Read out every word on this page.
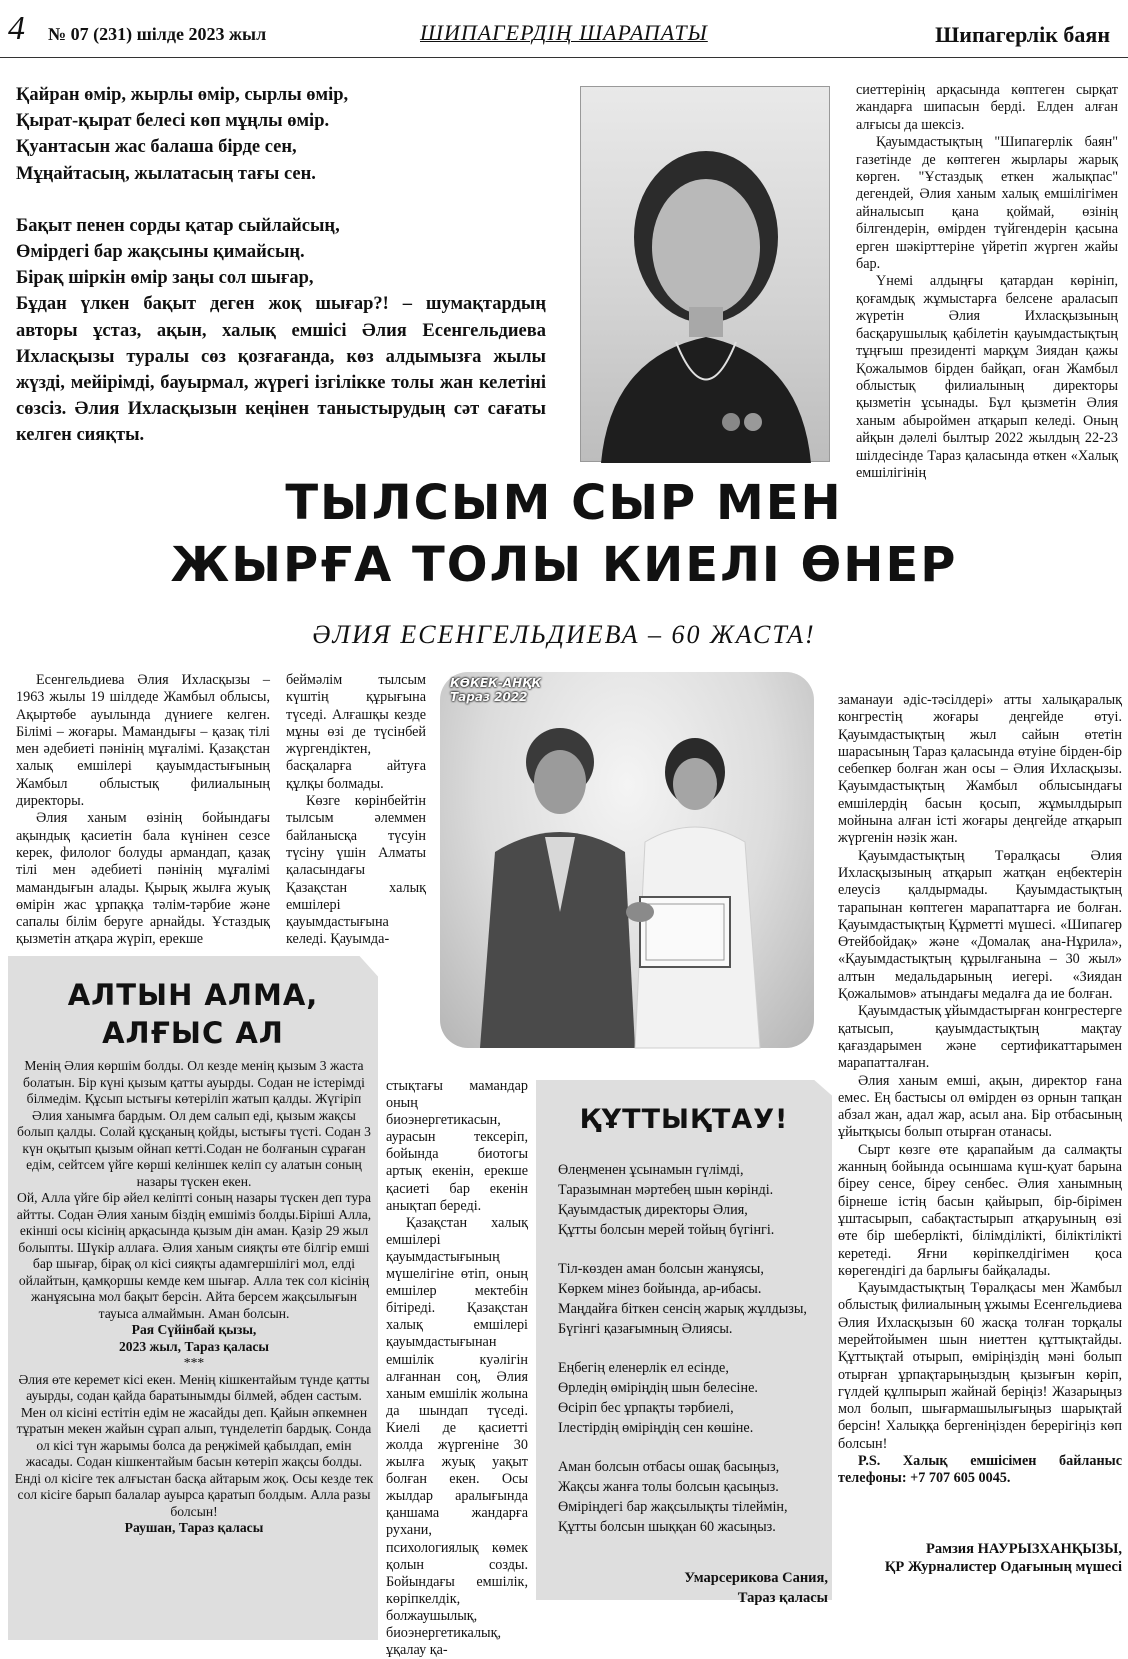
4 № 07 (231) шілде 2023 жыл	ШИПАГЕРДІҢ ШАРАПАТЫ	Шипагерлік баян
Қайран өмір, жырлы өмір, сырлы өмір,
Қырат-қырат белесі көп мұңлы өмір.
Қуантасын жас балаша бірде сен,
Мұңайтасың, жылатасың тағы сен.
Бақыт пенен сорды қатар сыйлайсың,
Өмірдегі бар жақсыны қимайсың.
Бірақ шіркін өмір заңы сол шығар,
Бұдан үлкен бақыт деген жоқ шығар?! – шумақтардың авторы ұстаз, ақын, халық емшісі Әлия Есенгельдиева Ихласқызы туралы сөз қозғағанда, көз алдымызға жылы жүзді, мейірімді, бауырмал, жүрегі ізгілікке толы жан келетіні сөзсіз. Әлия Ихласқызын кеңінен таныстырудың сәт сағаты келген сияқты.

сиеттерінің арқасында көптеген сырқат жандарға шипасын берді. Елден алған алғысы да шексіз.

Қауымдастықтың "Шипагерлік баян" газетінде де көптеген жырлары жарық көрген. "Ұстаздық еткен жалықпас" дегендей, Әлия ханым халық емшілігімен айналысып қана қоймай, өзінің білгендерін, өмірден түйгендерін қасына ерген шәкірттеріне үйретіп жүрген жайы бар.

Үнемі алдыңғы қатардан көрініп, қоғамдық жұмыстарға белсене араласып жүретін Әлия Ихласқызының басқарушылық қабілетін қауымдастықтың тұңғыш президенті марқұм Зиядан қажы Қожалымов бірден байқап, оған Жамбыл облыстық филиалының директоры қызметін ұсынады. Бұл қызметін Әлия ханым абыроймен атқарып келеді. Оның айқын дәлелі былтыр 2022 жылдың 22-23 шілдесінде Тараз қаласында өткен «Халық емшілігінің

ТЫЛСЫМ СЫР МЕН
ЖЫРҒА ТОЛЫ КИЕЛІ ӨНЕР
ӘЛИЯ ЕСЕНГЕЛЬДИЕВА – 60 ЖАСТА!

Есенгельдиева Әлия Ихласқызы – 1963 жылы 19 шілдеде Жамбыл облысы, Ақыртөбе ауылында дүниеге келген. Білімі – жоғары. Мамандығы – қазақ тілі мен әдебиеті пәнінің мұғалімі. Қазақстан халық емшілері қауымдастығының Жамбыл облыстық филиалының директоры.

Әлия ханым өзінің бойындағы ақындық қасиетін бала күнінен сезсе керек, филолог болуды армандап, қазақ тілі мен әдебиеті пәнінің мұғалімі мамандығын алады. Қырық жылға жуық өмірін жас ұрпаққа тәлім-тәрбие және сапалы білім беруге арнайды. Ұстаздық қызметін атқара жүріп, ерекше

беймәлім тылсым күштің құрығына түседі. Алғашқы кезде мұны өзі де түсінбей жүргендіктен, басқаларға айтуға құлқы болмады.

Көзге көрінбейтін тылсым әлеммен байланысқа түсуін түсіну үшін Алматы қаласындағы Қазақстан халық емшілері қауымдастығына келеді. Қауымда-

КӨКЕК-АНҚК
Тараз 2022	заманауи әдіс-тәсілдері» атты халықаралық конгрестің жоғары деңгейде өтуі. Қауымдастықтың жыл сайын өтетін шарасының Тараз қаласында өтуіне бірден-бір себепкер болған жан осы – Әлия Ихласқызы. Қауымдастықтың Жамбыл облысындағы емшілердің басын қосып, жұмылдырып мойнына алған істі жоғары деңгейде атқарып жүргенін нәзік жан.

Қауымдастықтың Төралқасы Әлия Ихласқызының атқарып жатқан еңбектерін елеусіз қалдырмады. Қауымдастықтың тарапынан көптеген марапаттарға ие болған. Қауымдастықтың Құрметті мүшесі. «Шипагер Өтейбойдақ» және «Домалақ ана-Нұрила», «Қауымдастықтың құрылғанына – 30 жыл» алтын медальдарының иегері. «Зиядан Қожалымов» атындағы медалға да ие болған.

Қауымдастық ұйымдастырған конгрестерге қатысып, қауымдастықтың мақтау қағаздарымен және сертификаттарымен марапатталған.

Әлия ханым емші, ақын, директор ғана емес. Ең бастысы ол өмірден өз орнын тапқан абзал жан, адал жар, асыл ана. Бір отбасының ұйытқысы болып отырған отанасы.

Сырт көзге өте қарапайым да салмақты жанның бойында осыншама күш-қуат барына біреу сенсе, біреу сенбес. Әлия ханымның бірнеше істің басын қайырып, бір-бірімен ұштасырып, сабақтастырып атқаруының өзі өте бір шеберлікті, білімділікті, біліктілікті керетеді. Яғни көріпкелдігімен қоса көрегендігі да барлығы байқалады.

Қауымдастықтың Төралқасы мен Жамбыл облыстық филиалының ұжымы Есенгельдиева Әлия Ихласқызын 60 жасқа толған торқалы мерейтойымен шын ниеттен құттықтайды. Құттықтай отырып, өміріңіздің мәні болып отырған ұрпақтарыңыздың қызығын көріп, гүлдей құлпырып жайнай беріңіз! Жазарыңыз мол болып, шығармашылығыңыз шарықтай берсін! Халыққа бергеніңізден берерігіңіз көп болсын!

P.S. Халық емшісімен байланыс телефоны: +7 707 605 0045.

АЛТЫН АЛМА,
АЛҒЫС АЛ
Менің Әлия көршім болды. Ол кезде менің қызым 3 жаста болатын. Бір күні қызым қатты ауырды. Содан не істерімді білмедім. Құсып ыстығы көтеріліп жатып қалды. Жүгіріп Әлия ханымға бардым. Ол дем салып еді, қызым жақсы болып қалды. Солай құсқаның қойды, ыстығы түсті. Содан 3 күн оқытып қызым ойнап кетті.Содан не болғанын сұраған едім, сейтсем үйге көрші келіншек келіп су алатын соның назары түскен екен.
Ой, Алла үйге бір әйел келіпті соның назары түскен деп тура айтты. Содан Әлия ханым біздің емшіміз болды.Біріші Алла, екінші осы кісінің арқасында қызым дін аман. Қазір 29 жыл болыпты. Шүкір аллаға. Әлия ханым сияқты өте білгір емші бар шығар, бірақ ол кісі сияқты адамгершілігі мол, елді ойлайтын, қамқоршы кемде кем шығар. Алла тек сол кісінің жанұясына мол бақыт берсін. Айта берсем жақсылығын тауыса алмаймын. Аман болсын.
Рая Сүйінбай қызы,
2023 жыл, Тараз қаласы
***
Әлия өте керемет кісі екен. Менің кішкентайым түнде қатты ауырды, содан қайда баратынымды білмей, әбден састым. Мен ол кісіні естітін едім не жасайды деп. Қайын әпкемнен тұратын мекен жайын сұрап алып, түнделетіп бардық. Сонда ол кісі түн жарымы болса да реңжімей қабылдап, емін жасады. Содан кішкентайым басын көтеріп жақсы болды. Енді ол кісіге тек алғыстан басқа айтарым жоқ. Осы кезде тек сол кісіге барып балалар ауырса қаратып болдым. Алла разы болсын!
Раушан, Тараз қаласы

стықтағы мамандар оның биоэнергетикасын, аурасын тексеріп, бойында биотогы артық екенін, ерекше қасиеті бар екенін анықтап береді.

Қазақстан халық емшілері қауымдастығының мүшелігіне өтіп, оның емшілер мектебін бітіреді. Қазақстан халық емшілері қауымдастығынан емшілік куәлігін алғаннан соң, Әлия ханым емшілік жолына да шындап түседі. Киелі де қасиетті жолда жүргеніне 30 жылға жуық уақыт болған екен. Осы жылдар аралығында қаншама жандарға рухани, психологиялық көмек қолын созды. Бойындағы емшілік, көріпкелдік, болжаушылық, биоэнергетикалық, ұқалау қа-

ҚҰТТЫҚТАУ!
Өлеңменен ұсынамын гүлімді,
Таразымнан мәртебең шын көрінді.
Қауымдастық директоры Әлия,
Құтты болсын мерей тойың бүгінгі.
Тіл-көзден аман болсын жанұясы,
Көркем мінез бойында, ар-ибасы.
Маңдайға біткен сенсің жарық жұлдызы,
Бүгінгі қазағымның Әлиясы.
Еңбегің еленерлік ел есінде,
Өрледің өміріңдің шын белесіне.
Өсіріп бес ұрпақты тәрбиелі,
Ілестірдің өміріңдің сен көшіне.
Аман болсын отбасы ошақ басыңыз,
Жақсы жанға толы болсын қасыңыз.
Өміріңдегі бар жақсылықты тілеймін,
Құтты болсын шыққан 60 жасыңыз.
Умарсерикова Сания,
Тараз қаласы
Рамзия НАУРЫЗХАНҚЫЗЫ,
ҚР Журналистер Одағының мүшесі
